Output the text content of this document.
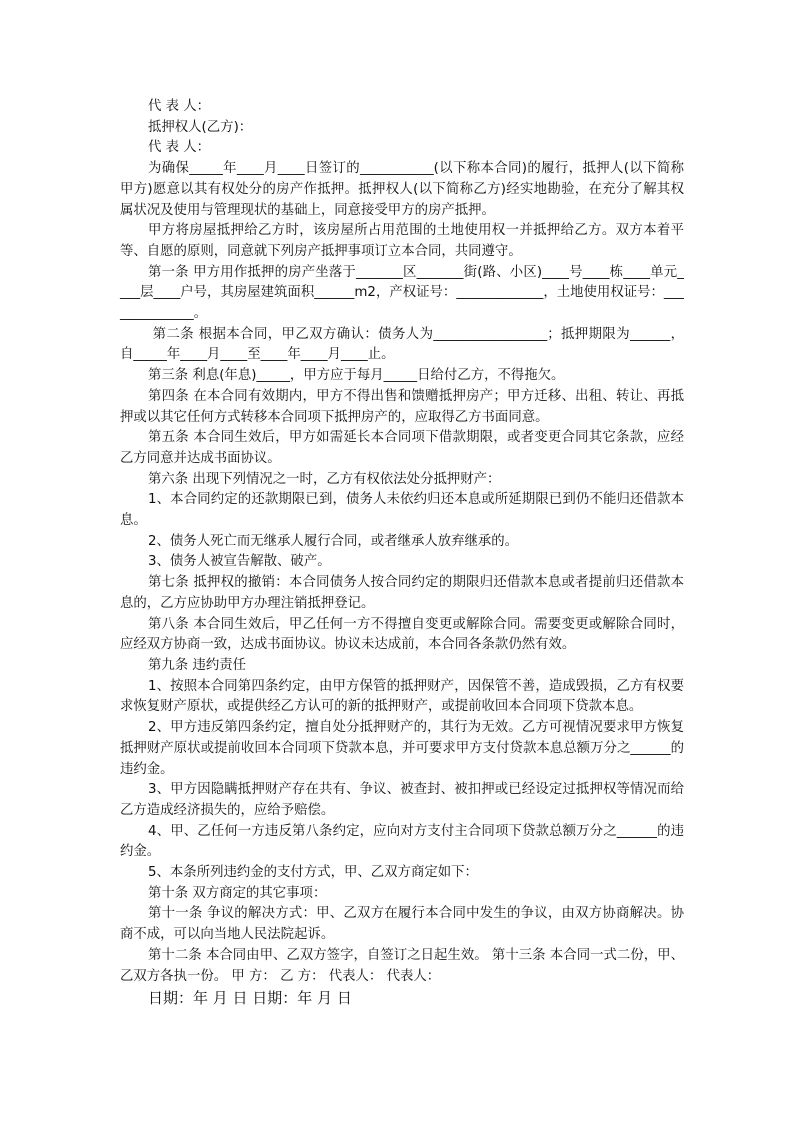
代 表 人：

抵押权人(乙方)：

代 表 人：

为确保_____年____月____日签订的___________(以下称本合同)的履行，抵押人(以下简称甲方)愿意以其有权处分的房产作抵押。抵押权人(以下简称乙方)经实地勘验，在充分了解其权属状况及使用与管理现状的基础上，同意接受甲方的房产抵押。

甲方将房屋抵押给乙方时，该房屋所占用范围的土地使用权一并抵押给乙方。双方本着平等、自愿的原则，同意就下列房产抵押事项订立本合同，共同遵守。

第一条 甲方用作抵押的房产坐落于_______区_______街(路、小区)____号____栋____单元____层____户号，其房屋建筑面积______m2，产权证号：_____________，土地使用权证号：______________。

第二条 根据本合同，甲乙双方确认：债务人为_________________；抵押期限为______，自_____年____月____至____年____月____止。

第三条 利息(年息)_____，甲方应于每月_____日给付乙方，不得拖欠。

第四条 在本合同有效期内，甲方不得出售和馈赠抵押房产；甲方迁移、出租、转让、再抵押或以其它任何方式转移本合同项下抵押房产的，应取得乙方书面同意。

第五条 本合同生效后，甲方如需延长本合同项下借款期限，或者变更合同其它条款，应经乙方同意并达成书面协议。

第六条 出现下列情况之一时，乙方有权依法处分抵押财产：

1、本合同约定的还款期限已到，债务人未依约归还本息或所延期限已到仍不能归还借款本息。

2、债务人死亡而无继承人履行合同，或者继承人放弃继承的。

3、债务人被宣告解散、破产。

第七条 抵押权的撤销：本合同债务人按合同约定的期限归还借款本息或者提前归还借款本息的，乙方应协助甲方办理注销抵押登记。

第八条 本合同生效后，甲乙任何一方不得擅自变更或解除合同。需要变更或解除合同时，应经双方协商一致，达成书面协议。协议未达成前，本合同各条款仍然有效。

第九条 违约责任

1、按照本合同第四条约定，由甲方保管的抵押财产，因保管不善，造成毁损，乙方有权要求恢复财产原状，或提供经乙方认可的新的抵押财产，或提前收回本合同项下贷款本息。

2、甲方违反第四条约定，擅自处分抵押财产的，其行为无效。乙方可视情况要求甲方恢复抵押财产原状或提前收回本合同项下贷款本息，并可要求甲方支付贷款本息总额万分之______的违约金。

3、甲方因隐瞒抵押财产存在共有、争议、被查封、被扣押或已经设定过抵押权等情况而给乙方造成经济损失的，应给予赔偿。

4、甲、乙任何一方违反第八条约定，应向对方支付主合同项下贷款总额万分之______的违约金。

5、本条所列违约金的支付方式，甲、乙双方商定如下：

第十条 双方商定的其它事项：

第十一条 争议的解决方式：甲、乙双方在履行本合同中发生的争议，由双方协商解决。协商不成，可以向当地人民法院起诉。

第十二条 本合同由甲、乙双方签字，自签订之日起生效。 第十三条 本合同一式二份，甲、乙双方各执一份。 甲 方： 乙 方： 代表人： 代表人：

日期：年 月 日 日期：年 月 日
